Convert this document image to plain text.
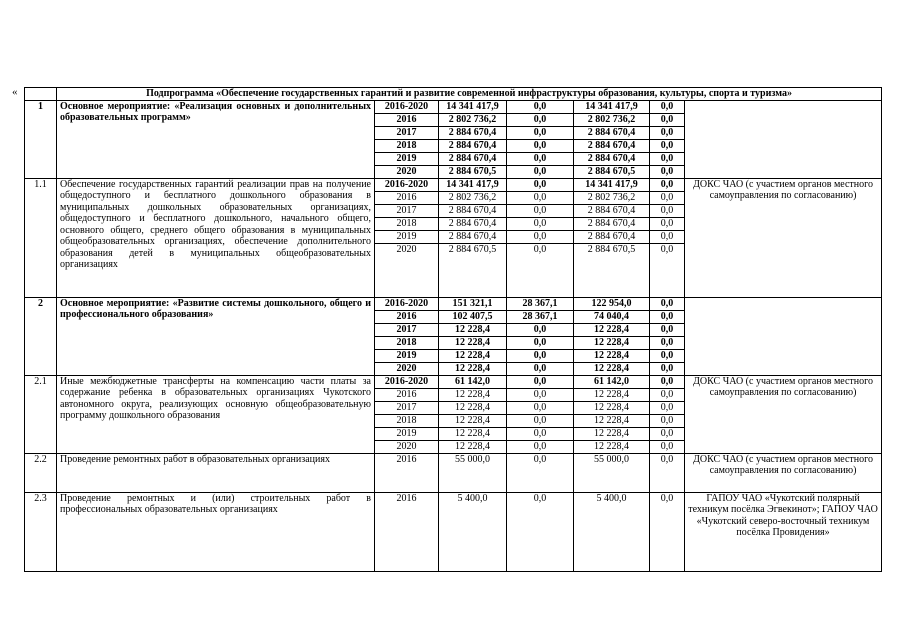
«
		Подпрограмма «Обеспечение государственных гарантий и развитие современной инфраструктуры образования, культуры, спорта и туризма»						
1	Основное мероприятие: «Реализация основных и дополнительных образовательных программ»	2016-2020	14 341 417,9	0,0	14 341 417,9	0,0	
		2016	2 802 736,2	0,0	2 802 736,2	0,0	
		2017	2 884 670,4	0,0	2 884 670,4	0,0	
		2018	2 884 670,4	0,0	2 884 670,4	0,0	
		2019	2 884 670,4	0,0	2 884 670,4	0,0	
		2020	2 884 670,5	0,0	2 884 670,5	0,0	
1.1	Обеспечение государственных гарантий реализации прав на получение общедоступного и бесплатного дошкольного образования в муниципальных дошкольных образовательных организациях, общедоступного и бесплатного дошкольного, начального общего, основного общего, среднего общего образования в муниципальных общеобразовательных организациях, обеспечение дополнительного образования детей в муниципальных общеобразовательных организациях	2016-2020	14 341 417,9	0,0	14 341 417,9	0,0	ДОКС ЧАО (с участием органов местного самоуправления по согласованию)
		2016	2 802 736,2	0,0	2 802 736,2	0,0	
		2017	2 884 670,4	0,0	2 884 670,4	0,0	
		2018	2 884 670,4	0,0	2 884 670,4	0,0	
		2019	2 884 670,4	0,0	2 884 670,4	0,0	
		2020	2 884 670,5	0,0	2 884 670,5	0,0	
2	Основное мероприятие: «Развитие системы дошкольного, общего и профессионального образования»	2016-2020	151 321,1	28 367,1	122 954,0	0,0	
		2016	102 407,5	28 367,1	74 040,4	0,0	
		2017	12 228,4	0,0	12 228,4	0,0	
		2018	12 228,4	0,0	12 228,4	0,0	
		2019	12 228,4	0,0	12 228,4	0,0	
		2020	12 228,4	0,0	12 228,4	0,0	
2.1	Иные межбюджетные трансферты на компенсацию части платы за содержание ребенка в образовательных организациях Чукотского автономного округа, реализующих основную общеобразовательную программу дошкольного образования	2016-2020	61 142,0	0,0	61 142,0	0,0	ДОКС ЧАО (с участием органов местного самоуправления по согласованию)
		2016	12 228,4	0,0	12 228,4	0,0	
		2017	12 228,4	0,0	12 228,4	0,0	
		2018	12 228,4	0,0	12 228,4	0,0	
		2019	12 228,4	0,0	12 228,4	0,0	
		2020	12 228,4	0,0	12 228,4	0,0	
2.2	Проведение ремонтных работ в образовательных организациях	2016	55 000,0	0,0	55 000,0	0,0	ДОКС ЧАО (с участием органов местного самоуправления по согласованию)
2.3	Проведение ремонтных и (или) строительных работ в профессиональных образовательных организациях	2016	5 400,0	0,0	5 400,0	0,0	ГАПОУ ЧАО «Чукотский полярный техникум посёлка Эгвекинот»; ГАПОУ ЧАО «Чукотский северо-восточный техникум посёлка Провидения»
